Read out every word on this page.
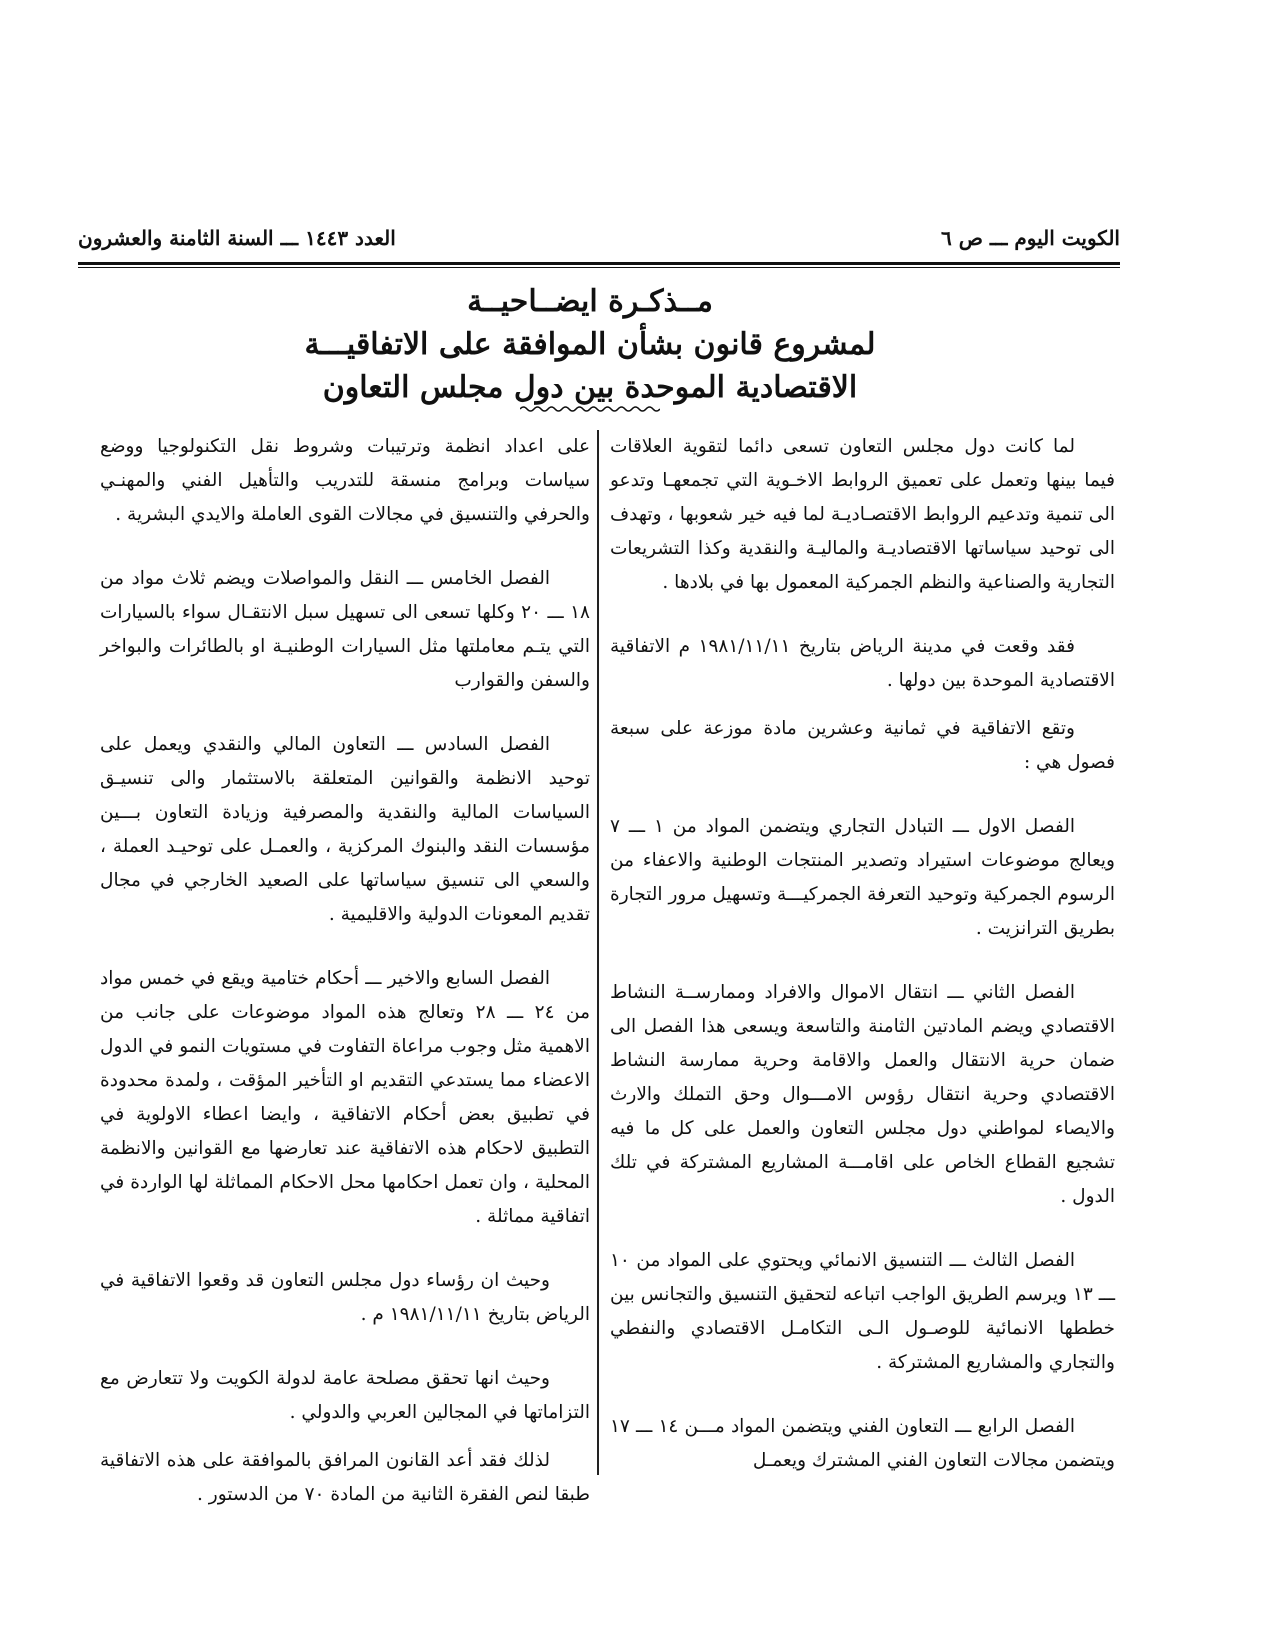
الكويت اليوم ـــ ص ٦
العدد ١٤٤٣ ـــ السنة الثامنة والعشرون

مــذكـرة ايضــاحيــة

لمشروع قانون بشأن الموافقة على الاتفاقيـــة

الاقتصادية الموحدة بين دول مجلس التعاون

لما كانت دول مجلس التعاون تسعى دائما لتقوية العلاقات فيما بينها وتعمل على تعميق الروابط الاخـوية التي تجمعهـا وتدعو الى تنمية وتدعيم الروابط الاقتصـاديـة لما فيه خير شعوبها ، وتهدف الى توحيد سياساتها الاقتصاديـة والماليـة والنقدية وكذا التشريعات التجارية والصناعية والنظم الجمركية المعمول بها في بلادها .

فقد وقعت في مدينة الرياض بتاريخ ١٩٨١/١١/١١ م الاتفاقية الاقتصادية الموحدة بين دولها .

وتقع الاتفاقية في ثمانية وعشرين مادة موزعة على سبعة فصول هي :

الفصل الاول ـــ التبادل التجاري ويتضمن المواد من ١ ـــ ٧ ويعالج موضوعات استيراد وتصدير المنتجات الوطنية والاعفاء من الرسوم الجمركية وتوحيد التعرفة الجمركيـــة وتسهيل مرور التجارة بطريق الترانزيت .

الفصل الثاني ـــ انتقال الاموال والافراد وممارســة النشاط الاقتصادي ويضم المادتين الثامنة والتاسعة ويسعى هذا الفصل الى ضمان حرية الانتقال والعمل والاقامة وحرية ممارسة النشاط الاقتصادي وحرية انتقال رؤوس الامـــوال وحق التملك والارث والايصاء لمواطني دول مجلس التعاون والعمل على كل ما فيه تشجيع القطاع الخاص على اقامـــة المشاريع المشتركة في تلك الدول .

الفصل الثالث ـــ التنسيق الانمائي ويحتوي على المواد من ١٠ ـــ ١٣ ويرسم الطريق الواجب اتباعه لتحقيق التنسيق والتجانس بين خططها الانمائية للوصـول الـى التكامـل الاقتصادي والنفطي والتجاري والمشاريع المشتركة .

الفصل الرابع ـــ التعاون الفني ويتضمن المواد مـــن ١٤ ـــ ١٧ ويتضمن مجالات التعاون الفني المشترك ويعمـل

على اعداد انظمة وترتيبات وشروط نقل التكنولوجيا ووضع سياسات وبرامج منسقة للتدريب والتأهيل الفني والمهنـي والحرفي والتنسيق في مجالات القوى العاملة والايدي البشرية .

الفصل الخامس ـــ النقل والمواصلات ويضم ثلاث مواد من ١٨ ـــ ٢٠ وكلها تسعى الى تسهيل سبل الانتقـال سواء بالسيارات التي يتـم معاملتها مثل السيارات الوطنيـة او بالطائرات والبواخر والسفن والقوارب

الفصل السادس ـــ التعاون المالي والنقدي ويعمل على توحيد الانظمة والقوانين المتعلقة بالاستثمار والى تنسيـق السياسات المالية والنقدية والمصرفية وزيادة التعاون بـــين مؤسسات النقد والبنوك المركزية ، والعمـل على توحيـد العملة ، والسعي الى تنسيق سياساتها على الصعيد الخارجي في مجال تقديم المعونات الدولية والاقليمية .

الفصل السابع والاخير ـــ أحكام ختامية ويقع في خمس مواد من ٢٤ ـــ ٢٨ وتعالج هذه المواد موضوعات على جانب من الاهمية مثل وجوب مراعاة التفاوت في مستويات النمو في الدول الاعضاء مما يستدعي التقديم او التأخير المؤقت ، ولمدة محدودة في تطبيق بعض أحكام الاتفاقية ، وايضا اعطاء الاولوية في التطبيق لاحكام هذه الاتفاقية عند تعارضها مع القوانين والانظمة المحلية ، وان تعمل احكامها محل الاحكام المماثلة لها الواردة في اتفاقية مماثلة .

وحيث ان رؤساء دول مجلس التعاون قد وقعوا الاتفاقية في الرياض بتاريخ ١٩٨١/١١/١١ م .

وحيث انها تحقق مصلحة عامة لدولة الكويت ولا تتعارض مع التزاماتها في المجالين العربي والدولي .

لذلك فقد أعد القانون المرافق بالموافقة على هذه الاتفاقية طبقا لنص الفقرة الثانية من المادة ٧٠ من الدستور .
